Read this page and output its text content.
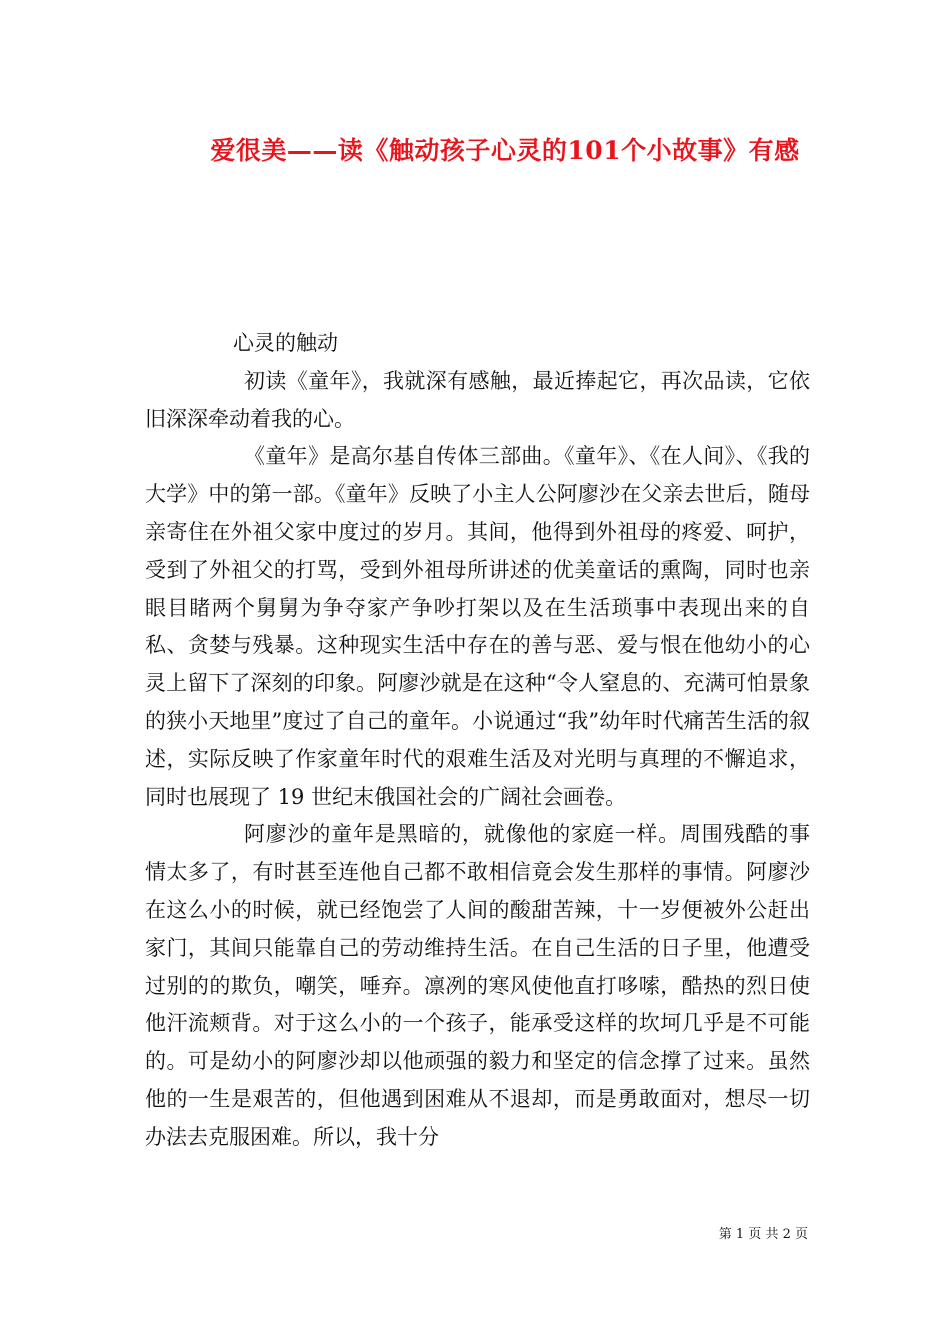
爱很美——读《触动孩子心灵的101个小故事》有感

心灵的触动

初读《童年》，我就深有感触，最近捧起它，再次品读，它依旧深深牵动着我的心。

《童年》是高尔基自传体三部曲。《童年》、《在人间》、《我的大学》中的第一部。《童年》反映了小主人公阿廖沙在父亲去世后，随母亲寄住在外祖父家中度过的岁月。其间，他得到外祖母的疼爱、呵护，受到了外祖父的打骂，受到外祖母所讲述的优美童话的熏陶，同时也亲眼目睹两个舅舅为争夺家产争吵打架以及在生活琐事中表现出来的自私、贪婪与残暴。这种现实生活中存在的善与恶、爱与恨在他幼小的心灵上留下了深刻的印象。阿廖沙就是在这种“令人窒息的、充满可怕景象的狭小天地里”度过了自己的童年。小说通过“我”幼年时代痛苦生活的叙述，实际反映了作家童年时代的艰难生活及对光明与真理的不懈追求，同时也展现了 19 世纪末俄国社会的广阔社会画卷。

阿廖沙的童年是黑暗的，就像他的家庭一样。周围残酷的事情太多了，有时甚至连他自己都不敢相信竟会发生那样的事情。阿廖沙在这么小的时候，就已经饱尝了人间的酸甜苦辣，十一岁便被外公赶出家门，其间只能靠自己的劳动维持生活。在自己生活的日子里，他遭受过别的的欺负，嘲笑，唾弃。凛冽的寒风使他直打哆嗦，酷热的烈日使他汗流颊背。对于这么小的一个孩子，能承受这样的坎坷几乎是不可能的。可是幼小的阿廖沙却以他顽强的毅力和坚定的信念撑了过来。虽然他的一生是艰苦的，但他遇到困难从不退却，而是勇敢面对，想尽一切办法去克服困难。所以，我十分

第 1 页 共 2 页
